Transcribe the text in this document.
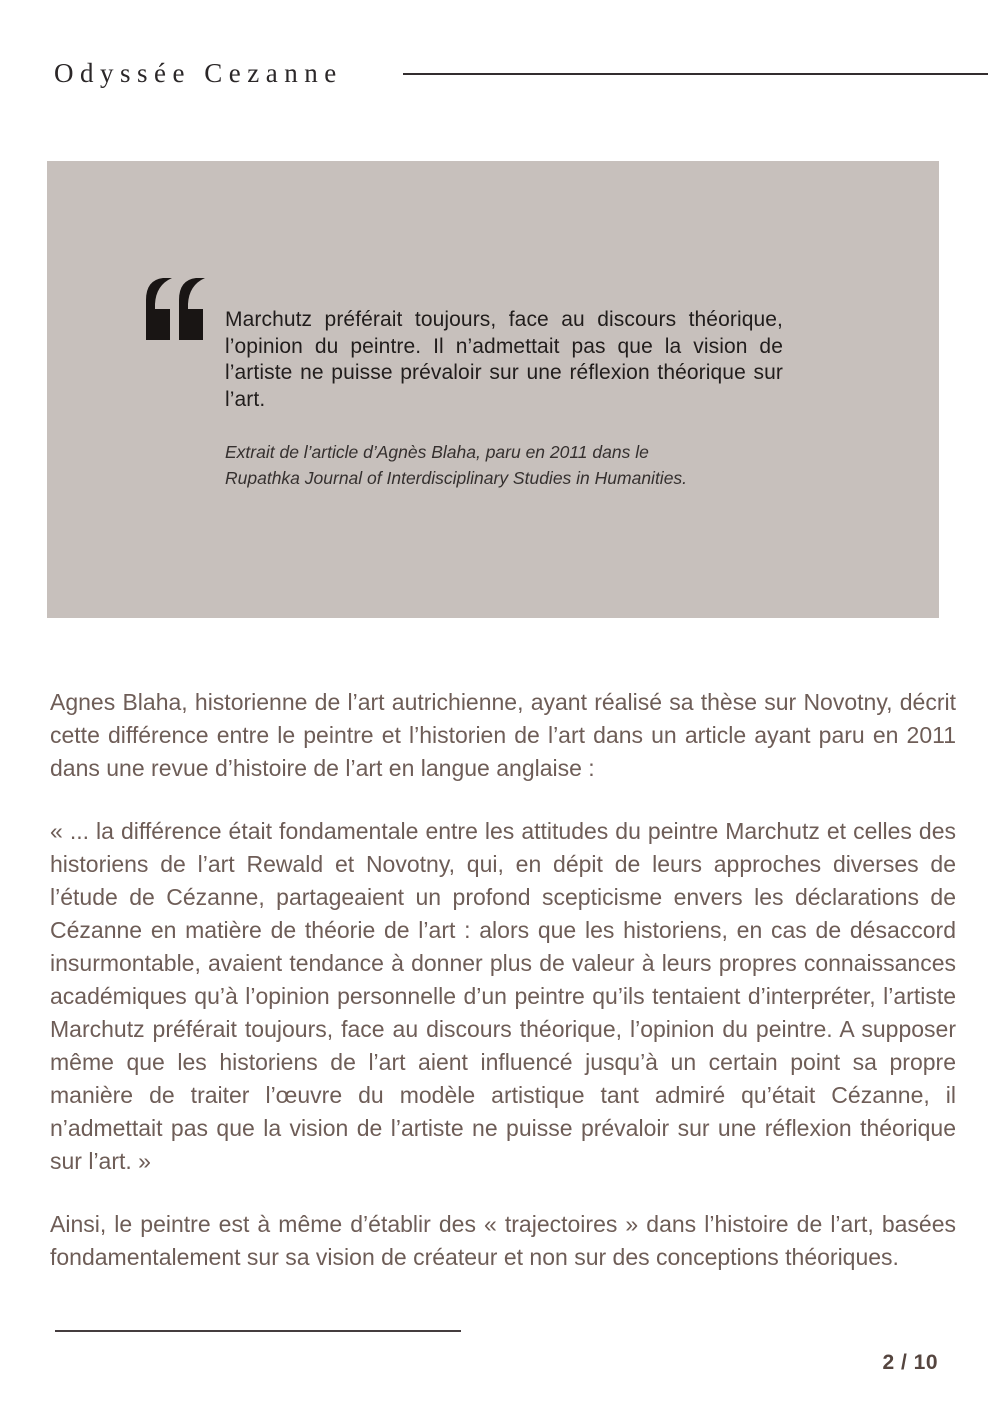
Odyssée Cezanne

Marchutz préférait toujours, face au discours théorique, l’opinion du peintre. Il n’admettait pas que la vision de l’artiste ne puisse prévaloir sur une réflexion théorique sur l’art.

Extrait de l’article d’Agnès Blaha, paru en 2011 dans le
Rupathka Journal of Interdisciplinary Studies in Humanities.

Agnes Blaha, historienne de l’art autrichienne, ayant réalisé sa thèse sur Novotny, décrit cette différence entre le peintre et l’historien de l’art dans un article ayant paru en 2011 dans une revue d’histoire de l’art en langue anglaise :

« ... la différence était fondamentale entre les attitudes du peintre Marchutz et celles des historiens de l’art Rewald et Novotny, qui, en dépit de leurs approches diverses de l’étude de Cézanne, partageaient un profond scepticisme envers les déclarations de Cézanne en matière de théorie de l’art : alors que les historiens, en cas de désaccord insurmontable, avaient tendance à donner plus de valeur à leurs propres connaissances académiques qu’à l’opinion personnelle d’un peintre qu’ils tentaient d’interpréter, l’artiste Marchutz préférait toujours, face au discours théorique, l’opinion du peintre. A supposer même que les historiens de l’art aient influencé jusqu’à un certain point sa propre manière de traiter l’œuvre du modèle artistique tant admiré qu’était Cézanne, il n’admettait pas que la vision de l’artiste ne puisse prévaloir sur une réflexion théorique sur l’art. »

Ainsi, le peintre est à même d’établir des « trajectoires » dans l’histoire de l’art, basées fondamentalement sur sa vision de créateur et non sur des conceptions théoriques.

2 / 10
